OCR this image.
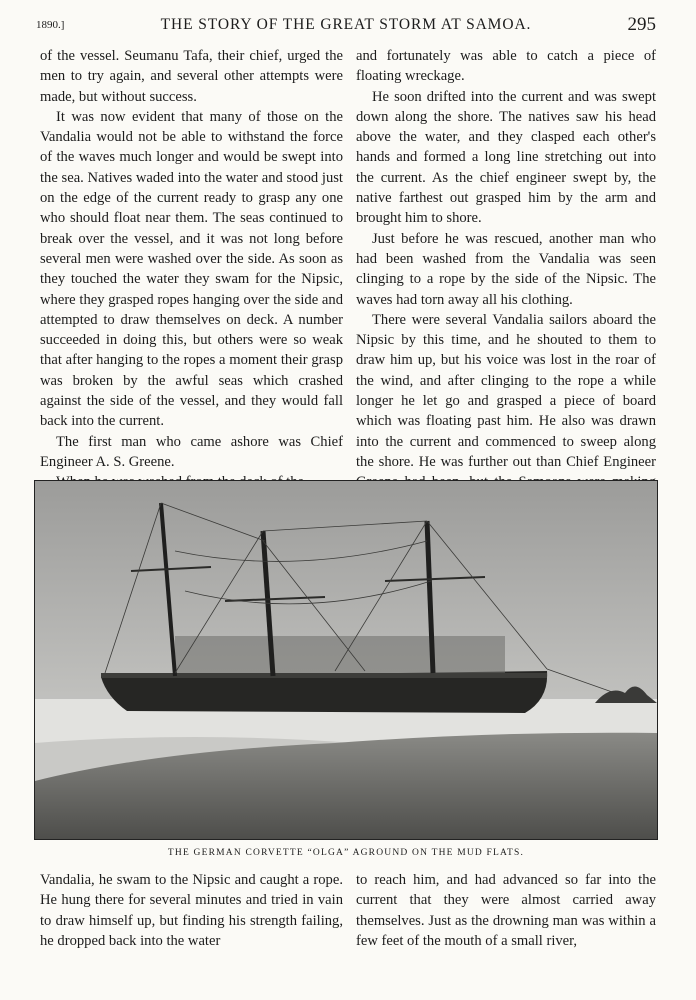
1890.]	THE STORY OF THE GREAT STORM AT SAMOA.	295

of the vessel. Seumanu Tafa, their chief, urged the men to try again, and several other attempts were made, but without success.

It was now evident that many of those on the Vandalia would not be able to withstand the force of the waves much longer and would be swept into the sea. Natives waded into the water and stood just on the edge of the current ready to grasp any one who should float near them. The seas continued to break over the vessel, and it was not long before several men were washed over the side. As soon as they touched the water they swam for the Nipsic, where they grasped ropes hanging over the side and attempted to draw themselves on deck. A number succeeded in doing this, but others were so weak that after hanging to the ropes a moment their grasp was broken by the awful seas which crashed against the side of the vessel, and they would fall back into the current.

The first man who came ashore was Chief Engineer A. S. Greene.

and fortunately was able to catch a piece of floating wreckage.

He soon drifted into the current and was swept down along the shore. The natives saw his head above the water, and they clasped each other's hands and formed a long line stretching out into the current. As the chief engineer swept by, the native farthest out grasped him by the arm and brought him to shore.

Just before he was rescued, another man who had been washed from the Vandalia was seen clinging to a rope by the side of the Nipsic. The waves had torn away all his clothing.

There were several Vandalia sailors aboard the Nipsic by this time, and he shouted to them to draw him up, but his voice was lost in the roar of the wind, and after clinging to the rope a while longer he let go and grasped a piece of board which was floating past him. He also was drawn into the current and commenced to sweep along the shore. He was further out than Chief Engineer

THE GERMAN CORVETTE “OLGA” AGROUND ON THE MUD FLATS.

Vandalia, he swam to the Nipsic and caught a rope. He hung there for several minutes and tried in vain to draw himself up, but finding his strength failing, he dropped back into the water

to reach him, and had advanced so far into the current that they were almost carried away themselves. Just as the drowning man was within a few feet of the mouth of a small river,
